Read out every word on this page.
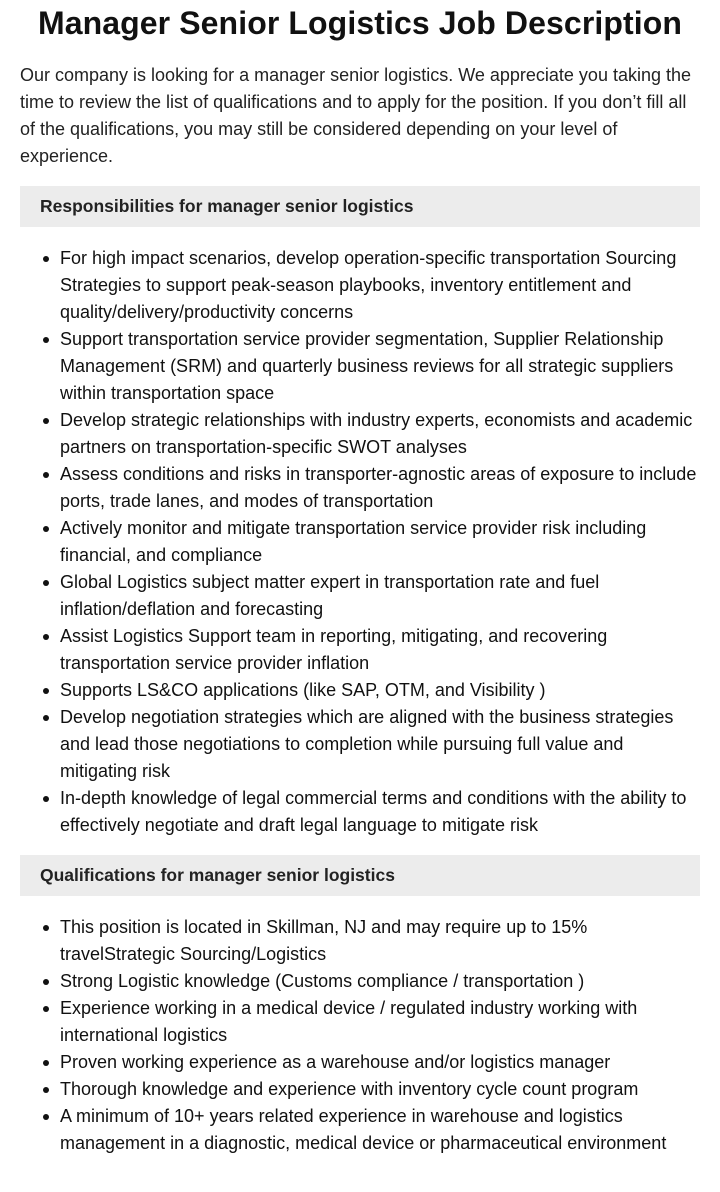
Manager Senior Logistics Job Description

Our company is looking for a manager senior logistics. We appreciate you taking the time to review the list of qualifications and to apply for the position. If you don’t fill all of the qualifications, you may still be considered depending on your level of experience.

Responsibilities for manager senior logistics
For high impact scenarios, develop operation-specific transportation Sourcing Strategies to support peak-season playbooks, inventory entitlement and quality/delivery/productivity concerns
Support transportation service provider segmentation, Supplier Relationship Management (SRM) and quarterly business reviews for all strategic suppliers within transportation space
Develop strategic relationships with industry experts, economists and academic partners on transportation-specific SWOT analyses
Assess conditions and risks in transporter-agnostic areas of exposure to include ports, trade lanes, and modes of transportation
Actively monitor and mitigate transportation service provider risk including financial, and compliance
Global Logistics subject matter expert in transportation rate and fuel inflation/deflation and forecasting
Assist Logistics Support team in reporting, mitigating, and recovering transportation service provider inflation
Supports LS&CO applications (like SAP, OTM, and Visibility )
Develop negotiation strategies which are aligned with the business strategies and lead those negotiations to completion while pursuing full value and mitigating risk
In-depth knowledge of legal commercial terms and conditions with the ability to effectively negotiate and draft legal language to mitigate risk
Qualifications for manager senior logistics
This position is located in Skillman, NJ and may require up to 15% travelStrategic Sourcing/Logistics
Strong Logistic knowledge (Customs compliance / transportation )
Experience working in a medical device / regulated industry working with international logistics
Proven working experience as a warehouse and/or logistics manager
Thorough knowledge and experience with inventory cycle count program
A minimum of 10+ years related experience in warehouse and logistics management in a diagnostic, medical device or pharmaceutical environment
